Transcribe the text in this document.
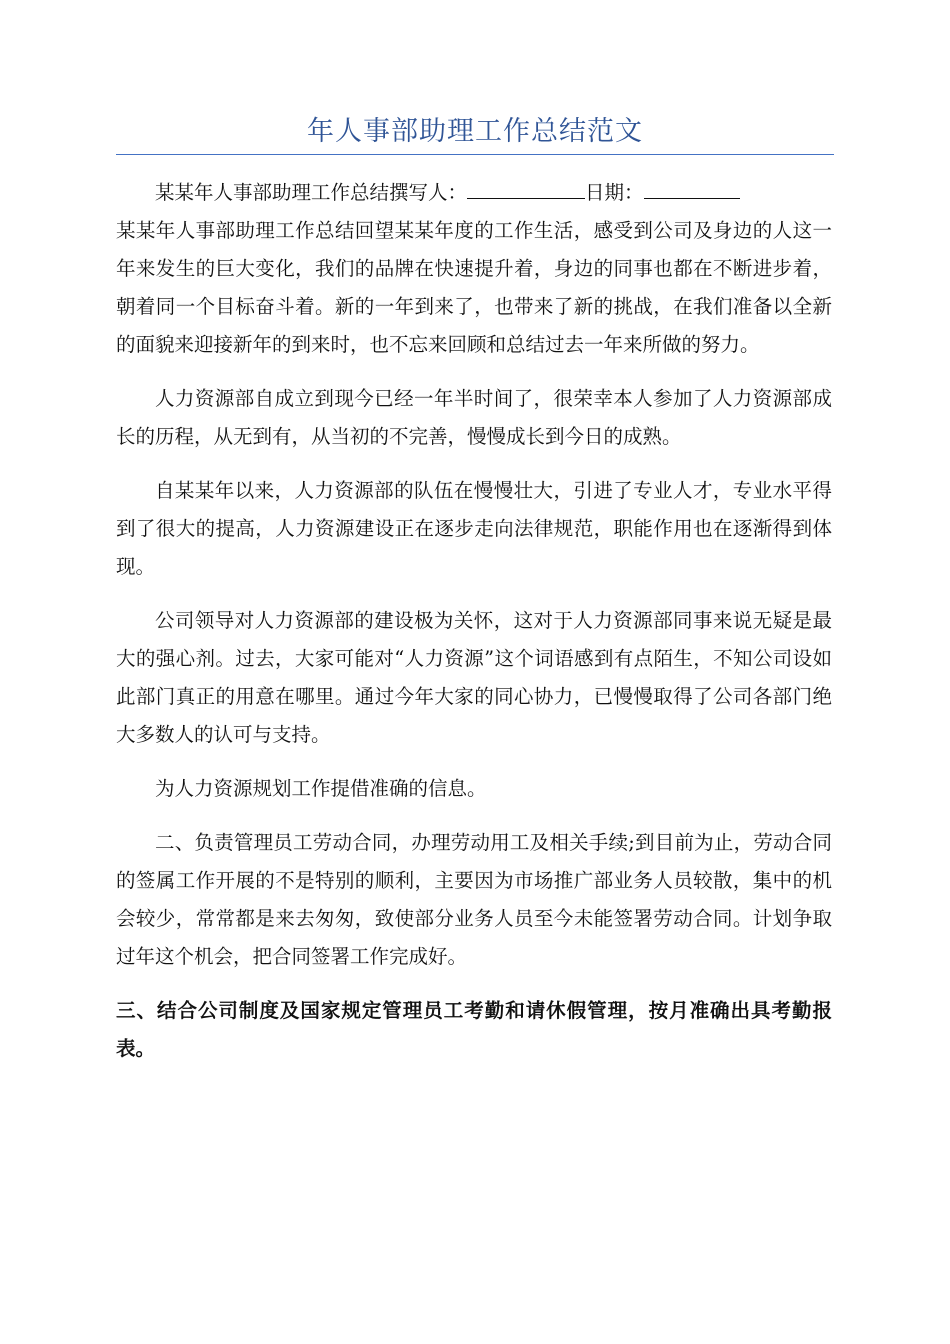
年人事部助理工作总结范文

某某年人事部助理工作总结撰写人：	日期：

某某年人事部助理工作总结回望某某年度的工作生活，感受到公司及身边的人这一年来发生的巨大变化，我们的品牌在快速提升着，身边的同事也都在不断进步着，朝着同一个目标奋斗着。新的一年到来了，也带来了新的挑战，在我们准备以全新的面貌来迎接新年的到来时，也不忘来回顾和总结过去一年来所做的努力。

人力资源部自成立到现今已经一年半时间了，很荣幸本人参加了人力资源部成长的历程，从无到有，从当初的不完善，慢慢成长到今日的成熟。

自某某年以来，人力资源部的队伍在慢慢壮大，引进了专业人才，专业水平得到了很大的提高，人力资源建设正在逐步走向法律规范，职能作用也在逐渐得到体现。

公司领导对人力资源部的建设极为关怀，这对于人力资源部同事来说无疑是最大的强心剂。过去，大家可能对“人力资源”这个词语感到有点陌生，不知公司设如此部门真正的用意在哪里。通过今年大家的同心协力，已慢慢取得了公司各部门绝大多数人的认可与支持。

为人力资源规划工作提借准确的信息。

二、负责管理员工劳动合同，办理劳动用工及相关手续;到目前为止，劳动合同的签属工作开展的不是特别的顺利，主要因为市场推广部业务人员较散，集中的机会较少，常常都是来去匆匆，致使部分业务人员至今未能签署劳动合同。计划争取过年这个机会，把合同签署工作完成好。

三、结合公司制度及国家规定管理员工考勤和请休假管理，按月准确出具考勤报表。
